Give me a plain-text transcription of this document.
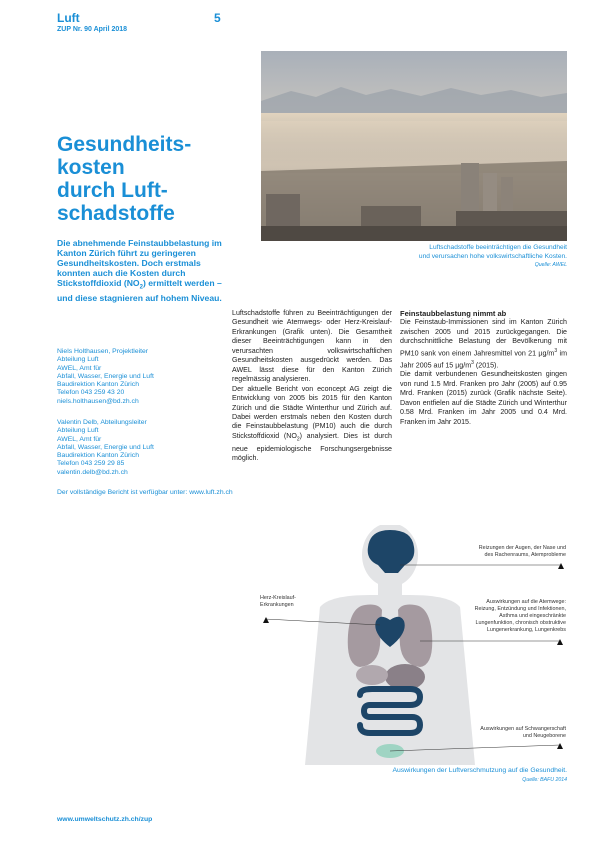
Luft	5
ZUP Nr. 90 April 2018
Luftschadstoffe beeinträchtigen die Gesundheit
und verursachen hohe volkswirtschaftliche Kosten.
Quelle: AWEL
Gesundheits-
kosten
durch Luft-
schadstoffe
Die abnehmende Feinstaubbelastung im Kanton Zürich führt zu geringeren Gesundheitskosten. Doch erstmals konnten auch die Kosten durch Stickstoffdioxid $(NO_2)$ ermittelt werden – und diese stagnieren auf hohem Niveau.
Niels Holthausen, Projektleiter
Abteilung Luft
AWEL, Amt für
Abfall, Wasser, Energie und Luft
Baudirektion Kanton Zürich
Telefon 043 259 43 20
niels.holthausen@bd.zh.ch
Valentin Delb, Abteilungsleiter
Abteilung Luft
AWEL, Amt für
Abfall, Wasser, Energie und Luft
Baudirektion Kanton Zürich
Telefon 043 259 29 85
valentin.delb@bd.zh.ch
Der vollständige Bericht ist verfügbar unter: www.luft.zh.ch

Luftschadstoffe führen zu Beeinträchtigungen der Gesundheit wie Atemwegs- oder Herz-Kreislauf-Erkrankungen (Grafik unten). Die Gesamtheit dieser Beeinträchtigungen kann in den verursachten volkswirtschaftlichen Gesundheitskosten ausgedrückt werden. Das AWEL lässt diese für den Kanton Zürich regelmässig analysieren.

Der aktuelle Bericht von econcept AG zeigt die Entwicklung von 2005 bis 2015 für den Kanton Zürich und die Städte Winterthur und Zürich auf. Dabei werden erstmals neben den Kosten durch die Feinstaubbelastung (PM10) auch die durch Stickstoffdioxid $(NO_2)$ analysiert. Dies ist durch neue epidemiologische Forschungsergebnisse möglich.

Feinstaubbelastung nimmt ab

Die Feinstaub-Immissionen sind im Kanton Zürich zwischen 2005 und 2015 zurückgegangen. Die durchschnittliche Belastung der Bevölkerung mit PM10 sank von einem Jahresmittel von 21 $\mu g/m^3$ im Jahr 2005 auf 15 $\mu g/m^3$ (2015).

Die damit verbundenen Gesundheitskosten gingen von rund 1.5 Mrd. Franken pro Jahr (2005) auf 0.95 Mrd. Franken (2015) zurück (Grafik nächste Seite). Davon entfielen auf die Städte Zürich und Winterthur 0.58 Mrd. Franken im Jahr 2005 und 0.4 Mrd. Franken im Jahr 2015.

Reizungen der Augen, der Nase und
des Rachenraums, Atemprobleme
Herz-Kreislauf-
Erkrankungen	Auswirkungen auf die Atemwege:
Reizung, Entzündung und Infektionen,
Asthma und eingeschränkte
Lungenfunktion, chronisch obstruktive
Lungenerkrankung, Lungenkrebs
Auswirkungen auf Schwangerschaft
und Neugeborene
Auswirkungen der Luftverschmutzung auf die Gesundheit.
Quelle: BAFU 2014
www.umweltschutz.zh.ch/zup
